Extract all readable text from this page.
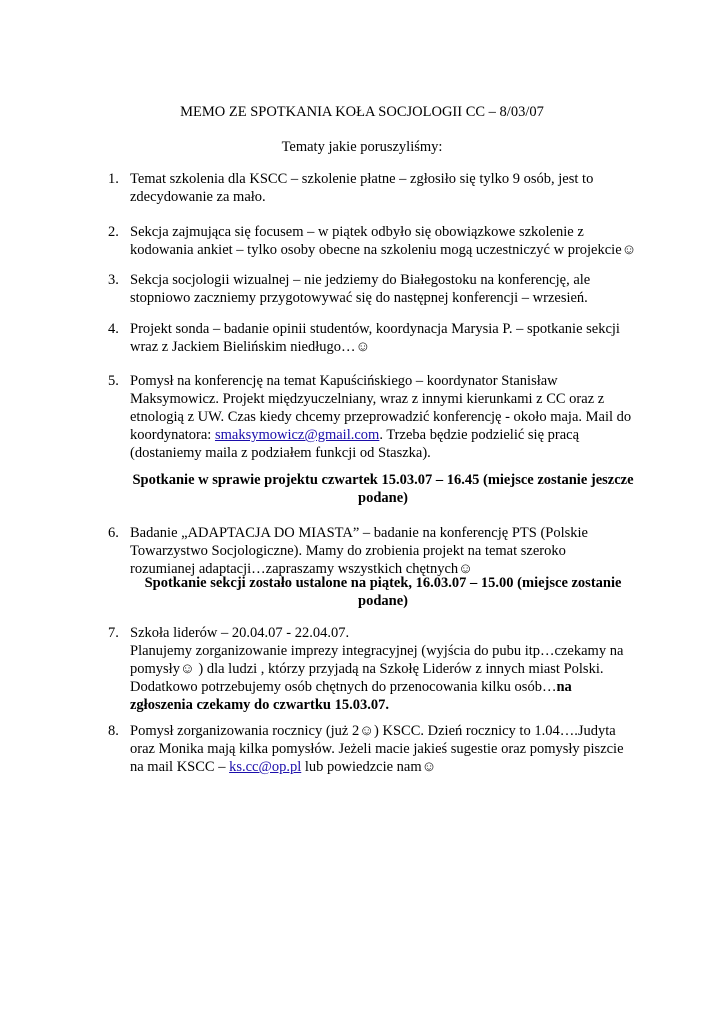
MEMO ZE SPOTKANIA KOŁA SOCJOLOGII CC – 8/03/07
Tematy jakie poruszyliśmy:
1. Temat szkolenia dla KSCC – szkolenie płatne – zgłosiło się tylko 9 osób, jest to

zdecydowanie za mało.

2. Sekcja zajmująca się focusem – w piątek odbyło się obowiązkowe szkolenie z

kodowania ankiet – tylko osoby obecne na szkoleniu mogą uczestniczyć w projekcie☺

3. Sekcja socjologii wizualnej – nie jedziemy do Białegostoku na konferencję, ale

stopniowo zaczniemy przygotowywać się do następnej konferencji – wrzesień.

4. Projekt sonda – badanie opinii studentów, koordynacja Marysia P. – spotkanie sekcji

wraz z Jackiem Bielińskim niedługo…☺

5. Pomysł na konferencję na temat Kapuścińskiego – koordynator Stanisław

Maksymowicz. Projekt międzyuczelniany, wraz z innymi kierunkami z CC oraz z

etnologią z UW. Czas kiedy chcemy przeprowadzić konferencję - około maja. Mail do

koordynatora: smaksymowicz@gmail.com. Trzeba będzie podzielić się pracą

(dostaniemy maila z podziałem funkcji od Staszka).

Spotkanie w sprawie projektu czwartek 15.03.07 – 16.45 (miejsce zostanie jeszcze

podane)

6. Badanie „ADAPTACJA DO MIASTA” – badanie na konferencję PTS (Polskie

Towarzystwo Socjologiczne). Mamy do zrobienia projekt na temat szeroko

rozumianej adaptacji…zapraszamy wszystkich chętnych☺

Spotkanie sekcji zostało ustalone na piątek, 16.03.07 – 15.00 (miejsce zostanie

podane)

7. Szkoła liderów – 20.04.07 - 22.04.07.

Planujemy zorganizowanie imprezy integracyjnej (wyjścia do pubu itp…czekamy na

pomysły☺ ) dla ludzi , którzy przyjadą na Szkołę Liderów z innych miast Polski.

Dodatkowo potrzebujemy osób chętnych do przenocowania kilku osób…na

zgłoszenia czekamy do czwartku 15.03.07.

8. Pomysł zorganizowania rocznicy (już 2☺) KSCC. Dzień rocznicy to 1.04….Judyta

oraz Monika mają kilka pomysłów. Jeżeli macie jakieś sugestie oraz pomysły piszcie

na mail KSCC – ks.cc@op.pl lub powiedzcie nam☺
